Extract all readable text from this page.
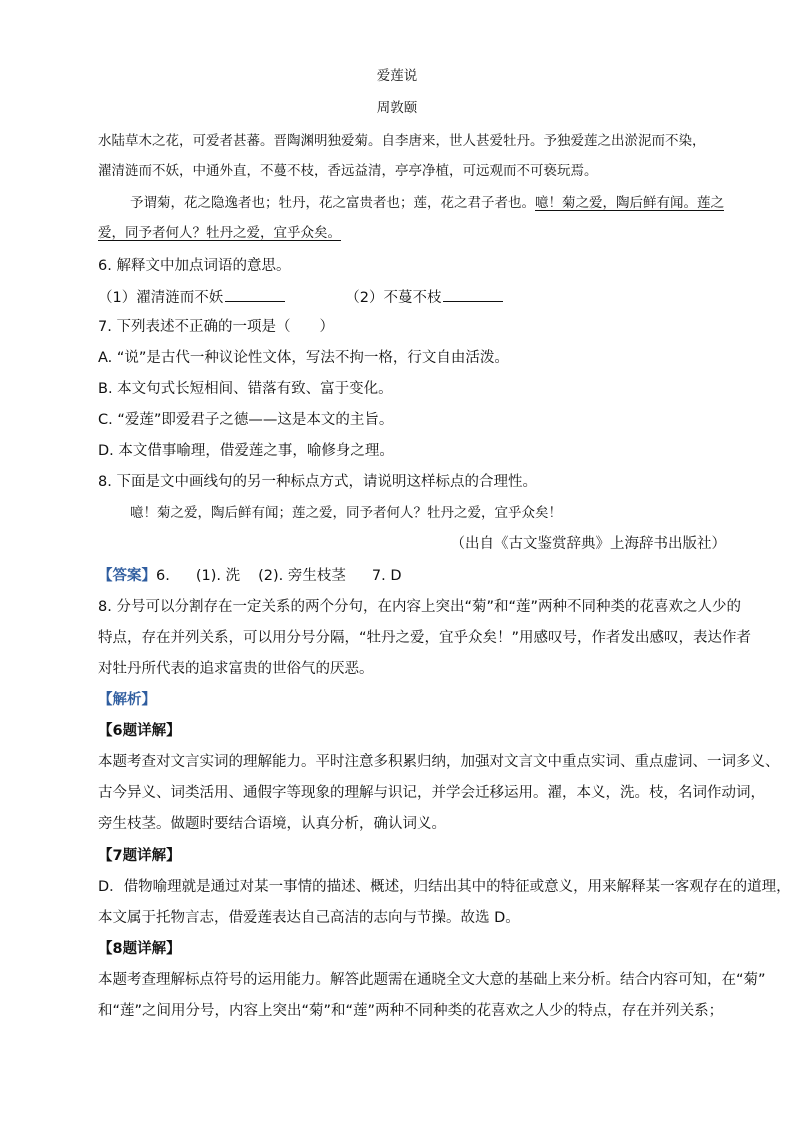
爱莲说
周敦颐
水陆草木之花，可爱者甚蕃。晋陶渊明独爱菊。自李唐来，世人甚爱牡丹。予独爱莲之出淤泥而不染，
濯清涟而不妖，中通外直，不蔓不枝，香远益清，亭亭净植，可远观而不可亵玩焉。
予谓菊，花之隐逸者也；牡丹，花之富贵者也；莲，花之君子者也。噫！菊之爱，陶后鲜有闻。莲之
爱，同予者何人？牡丹之爱，宜乎众矣。
6. 解释文中加点词语的意思。
（1）濯清涟而不妖	（2）不蔓不枝
7. 下列表述不正确的一项是（　　）
A. “说”是古代一种议论性文体，写法不拘一格，行文自由活泼。
B. 本文句式长短相间、错落有致、富于变化。
C. “爱莲”即爱君子之德——这是本文的主旨。
D. 本文借事喻理，借爱莲之事，喻修身之理。
8. 下面是文中画线句的另一种标点方式，请说明这样标点的合理性。
噫！菊之爱，陶后鲜有闻；莲之爱，同予者何人？牡丹之爱，宜乎众矣！
（出自《古文鉴赏辞典》上海辞书出版社）
【答案】6. (1). 洗 (2). 旁生枝茎 7. D
8. 分号可以分割存在一定关系的两个分句，在内容上突出“菊”和“莲”两种不同种类的花喜欢之人少的
特点，存在并列关系，可以用分号分隔，“牡丹之爱，宜乎众矣！”用感叹号，作者发出感叹，表达作者
对牡丹所代表的追求富贵的世俗气的厌恶。
【解析】
【6题详解】
本题考查对文言实词的理解能力。平时注意多积累归纳，加强对文言文中重点实词、重点虚词、一词多义、
古今异义、词类活用、通假字等现象的理解与识记，并学会迁移运用。濯，本义，洗。枝，名词作动词，
旁生枝茎。做题时要结合语境，认真分析，确认词义。
【7题详解】
D．借物喻理就是通过对某一事情的描述、概述，归结出其中的特征或意义，用来解释某一客观存在的道理，
本文属于托物言志，借爱莲表达自己高洁的志向与节操。故选 D。
【8题详解】
本题考查理解标点符号的运用能力。解答此题需在通晓全文大意的基础上来分析。结合内容可知，在“菊”
和“莲”之间用分号，内容上突出“菊”和“莲”两种不同种类的花喜欢之人少的特点，存在并列关系；
